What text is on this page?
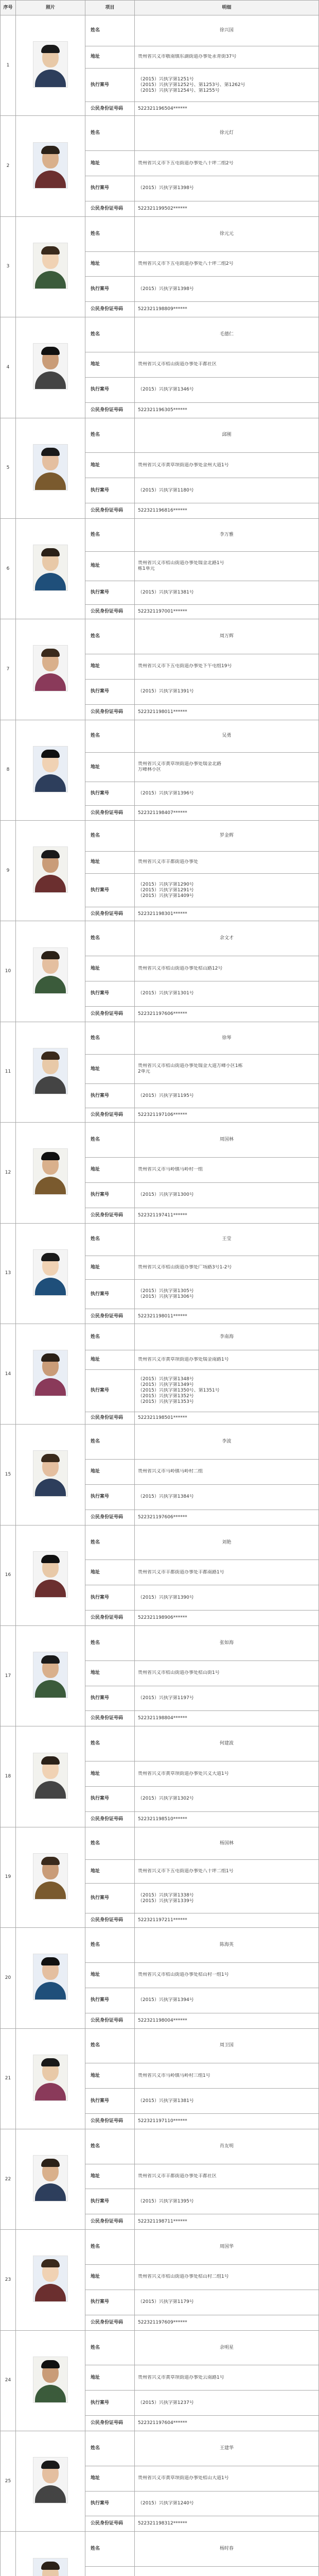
序号	照片	项目	明细
1		姓名	徐兴国
		地址	贵州省兴义市敬南镇东湖街道办事处永青街37号

		执行案号	（2015）兴执字第1251号
（2015）兴执字第1252号、第1253号、第1262号
（2015）兴执字第1254号、第1255号

		公民身份证号码	522321196504******
2		姓名	徐元灯
		地址	贵州省兴义市下五屯街道办事处八十坪二组2号

		执行案号	（2015）兴执字第1398号

		公民身份证号码	522321199502******
3		姓名	徐元元
		地址	贵州省兴义市下五屯街道办事处八十坪二组2号

		执行案号	（2015）兴执字第1398号

		公民身份证号码	522321198809******
4		姓名	毛德仁
		地址	贵州省兴义市桔山街道办事处丰都社区

		执行案号	（2015）兴执字第1346号

		公民身份证号码	522321196305******
5		姓名	邱刚
		地址	贵州省兴义市黄草坝街道办事处金州大道1号

		执行案号	（2015）兴执字第1180号

		公民身份证号码	522321196816******
6		姓名	李万雅
		地址	贵州省兴义市桔山街道办事处瑞金北路1号
栋1单元

		执行案号	（2015）兴执字第1381号

		公民身份证号码	522321197001******
7		姓名	周万辉
		地址	贵州省兴义市下五屯街道办事处下午屯组19号

		执行案号	（2015）兴执字第1391号

		公民身份证号码	522321198011******
8		姓名	吴勇
		地址	贵州省兴义市黄草坝街道办事处瑞金北路
万峰林小区

		执行案号	（2015）兴执字第1396号

		公民身份证号码	522321198407******
9		姓名	罗金辉
		地址	贵州省兴义市丰都街道办事处

		执行案号	（2015）兴执字第1290号
（2015）兴执字第1291号
（2015）兴执字第1409号

		公民身份证号码	522321198301******
10		姓名	余文才
		地址	贵州省兴义市桔山街道办事处桔山路12号

		执行案号	（2015）兴执字第1301号

		公民身份证号码	522321197606******
11		姓名	徐琴
		地址	贵州省兴义市桔山街道办事处瑞金大道万峰小区1栋
2单元

		执行案号	（2015）兴执字第1195号

		公民身份证号码	522321197106******
12		姓名	周国林
		地址	贵州省兴义市马岭镇马岭村一组

		执行案号	（2015）兴执字第1300号

		公民身份证号码	522321197411******
13		姓名	王莹
		地址	贵州省兴义市桔山街道办事处广场路3号1-2号

		执行案号	（2015）兴执字第1305号
（2015）兴执字第1306号

		公民身份证号码	522321198011******
14		姓名	李南海
		地址	贵州省兴义市黄草坝街道办事处瑞金南路1号

		执行案号	（2015）兴执字第1348号
（2015）兴执字第1349号
（2015）兴执字第1350号、第1351号
（2015）兴执字第1352号
（2015）兴执字第1353号

		公民身份证号码	522321198501******
15		姓名	李波
		地址	贵州省兴义市马岭镇马岭村二组

		执行案号	（2015）兴执字第1384号

		公民身份证号码	522321197606******
16		姓名	刘艳
		地址	贵州省兴义市丰都街道办事处丰都南路1号

		执行案号	（2015）兴执字第1390号

		公民身份证号码	522321198906******
17		姓名	张如海
		地址	贵州省兴义市桔山街道办事处桔山街1号

		执行案号	（2015）兴执字第1197号

		公民身份证号码	522321198804******
18		姓名	何建波
		地址	贵州省兴义市黄草坝街道办事处兴义大道1号

		执行案号	（2015）兴执字第1302号

		公民身份证号码	522321198510******
19		姓名	杨国林
		地址	贵州省兴义市下五屯街道办事处八十坪二组1号

		执行案号	（2015）兴执字第1338号
（2015）兴执字第1339号

		公民身份证号码	522321197211******
20		姓名	陈海英
		地址	贵州省兴义市桔山街道办事处桔山村一组1号

		执行案号	（2015）兴执字第1394号

		公民身份证号码	522321198004******
21		姓名	周卫国
		地址	贵州省兴义市马岭镇马岭村三组1号

		执行案号	（2015）兴执字第1381号

		公民身份证号码	522321197110******
22		姓名	肖友明
		地址	贵州省兴义市丰都街道办事处丰都社区

		执行案号	（2015）兴执字第1395号

		公民身份证号码	522321198711******
23		姓名	周国华
		地址	贵州省兴义市桔山街道办事处桔山村二组1号

		执行案号	（2015）兴执字第1179号

		公民身份证号码	522321197609******
24		姓名	余明星
		地址	贵州省兴义市黄草坝街道办事处云南路1号

		执行案号	（2015）兴执字第1237号

		公民身份证号码	522321197604******
25		姓名	王建华
		地址	贵州省兴义市黄草坝街道办事处桔山大道1号

		执行案号	（2015）兴执字第1240号

		公民身份证号码	522321198312******

	姓名	杨时春
